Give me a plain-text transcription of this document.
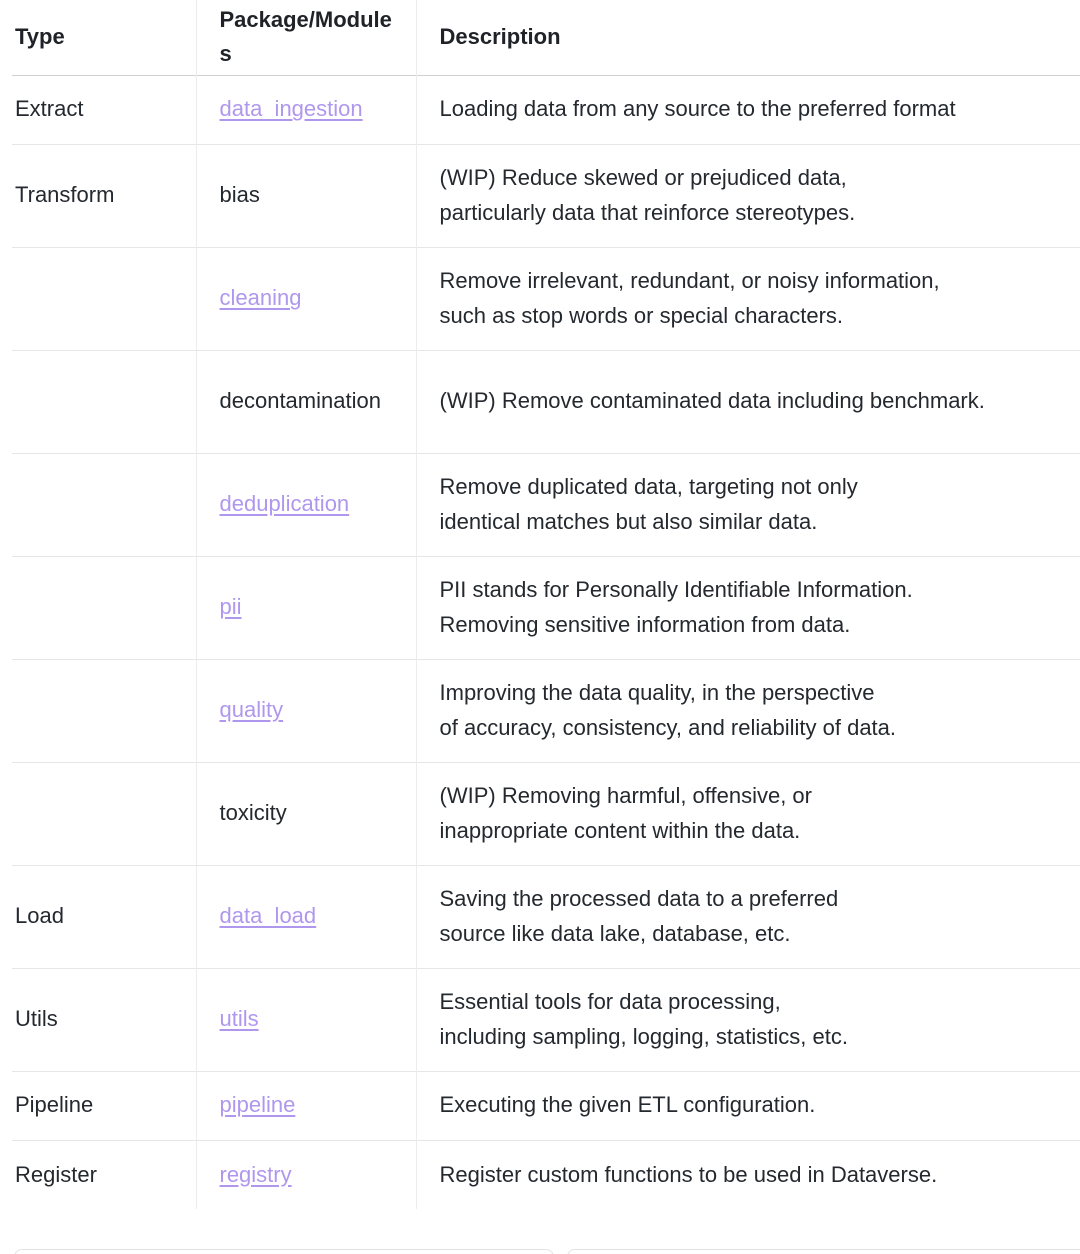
Type	Package/Modules	Description
Extract	data_ingestion	Loading data from any source to the preferred format

Transform	bias	(WIP) Reduce skewed or prejudiced data,
particularly data that reinforce stereotypes.

	cleaning	Remove irrelevant, redundant, or noisy information,
such as stop words or special characters.

	decontamination	(WIP) Remove contaminated data including benchmark.

	deduplication	Remove duplicated data, targeting not only
identical matches but also similar data.

	pii	PII stands for Personally Identifiable Information.
Removing sensitive information from data.

	quality	Improving the data quality, in the perspective
of accuracy, consistency, and reliability of data.

	toxicity	(WIP) Removing harmful, offensive, or
inappropriate content within the data.

Load	data_load	Saving the processed data to a preferred
source like data lake, database, etc.

Utils	utils	Essential tools for data processing,
including sampling, logging, statistics, etc.

Pipeline	pipeline	Executing the given ETL configuration.

Register	registry	Register custom functions to be used in Dataverse.
